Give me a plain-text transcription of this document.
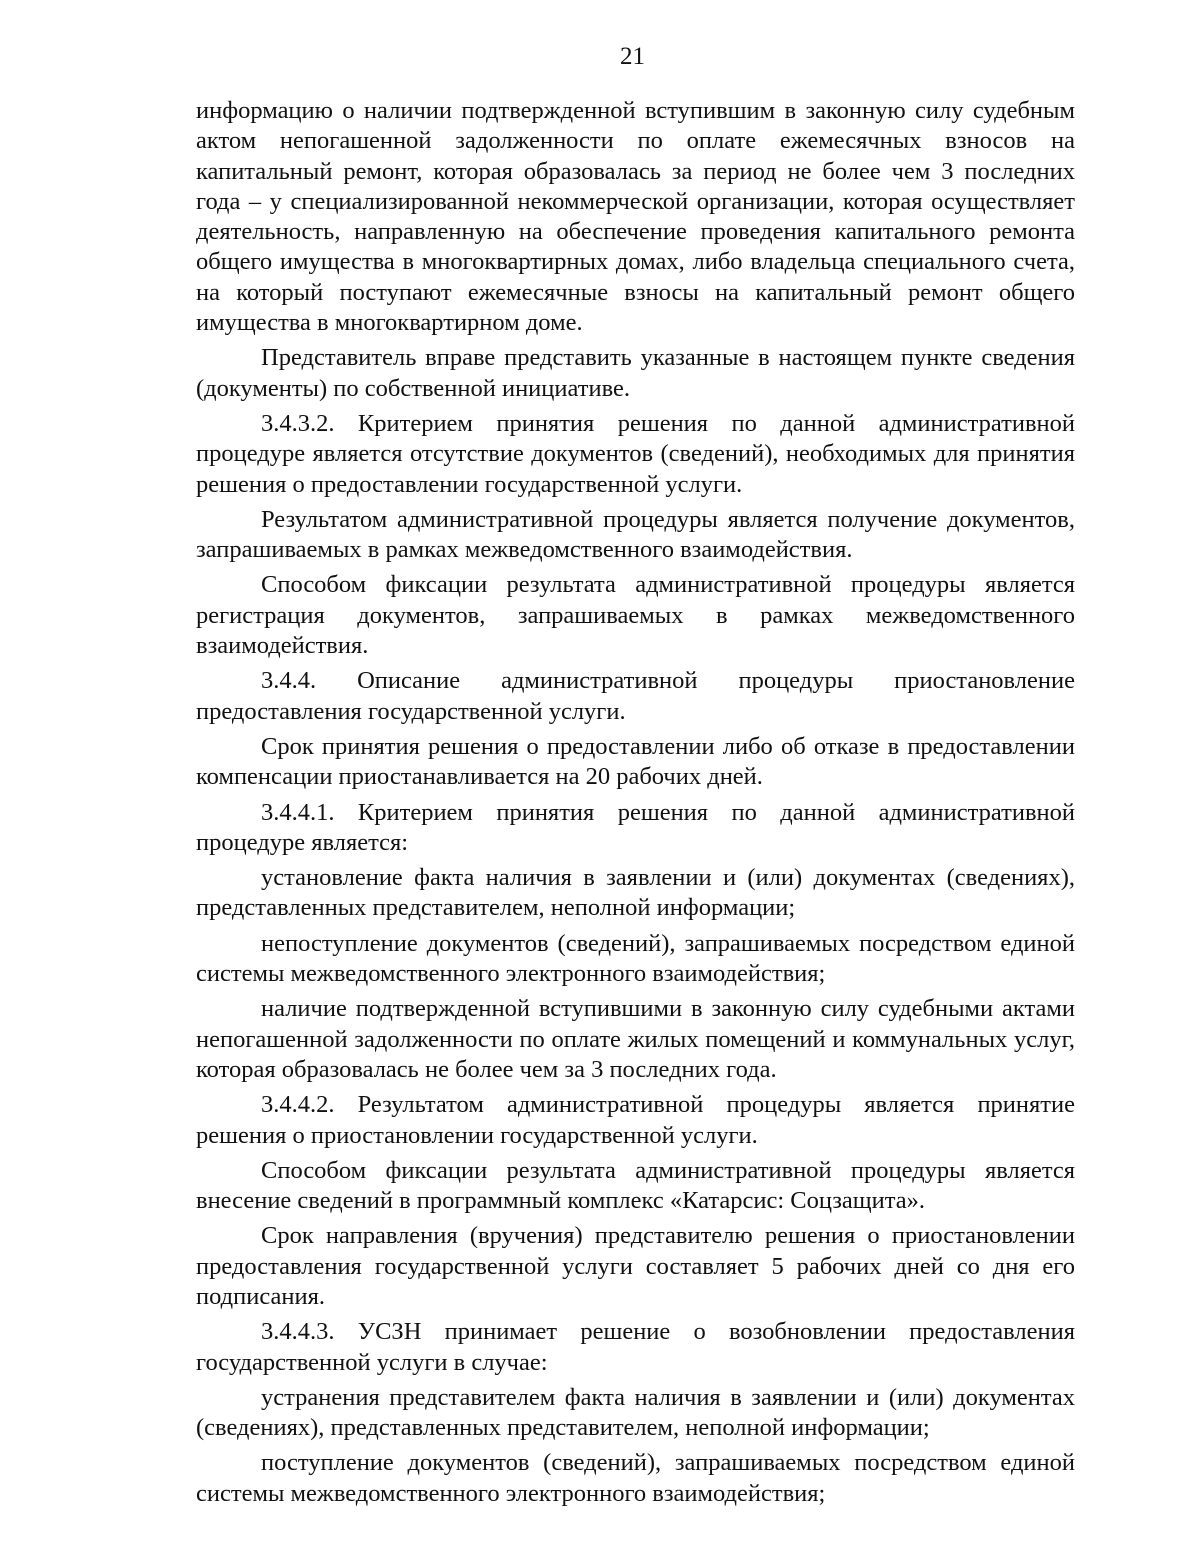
21

информацию о наличии подтвержденной вступившим в законную силу судебным актом непогашенной задолженности по оплате ежемесячных взносов на капитальный ремонт, которая образовалась за период не более чем 3 последних года – у специализированной некоммерческой организации, которая осуществляет деятельность, направленную на обеспечение проведения капитального ремонта общего имущества в многоквартирных домах, либо владельца специального счета, на который поступают ежемесячные взносы на капитальный ремонт общего имущества в многоквартирном доме.

Представитель вправе представить указанные в настоящем пункте сведения (документы) по собственной инициативе.

3.4.3.2. Критерием принятия решения по данной административной процедуре является отсутствие документов (сведений), необходимых для принятия решения о предоставлении государственной услуги.

Результатом административной процедуры является получение документов, запрашиваемых в рамках межведомственного взаимодействия.

Способом фиксации результата административной процедуры является регистрация документов, запрашиваемых в рамках межведомственного взаимодействия.

3.4.4. Описание административной процедуры приостановление предоставления государственной услуги.

Срок принятия решения о предоставлении либо об отказе в предоставлении компенсации приостанавливается на 20 рабочих дней.

3.4.4.1. Критерием принятия решения по данной административной процедуре является:

установление факта наличия в заявлении и (или) документах (сведениях), представленных представителем, неполной информации;

непоступление документов (сведений), запрашиваемых посредством единой системы межведомственного электронного взаимодействия;

наличие подтвержденной вступившими в законную силу судебными актами непогашенной задолженности по оплате жилых помещений и коммунальных услуг, которая образовалась не более чем за 3 последних года.

3.4.4.2. Результатом административной процедуры является принятие решения о приостановлении государственной услуги.

Способом фиксации результата административной процедуры является внесение сведений в программный комплекс «Катарсис: Соцзащита».

Срок направления (вручения) представителю решения о приостановлении предоставления государственной услуги составляет 5 рабочих дней со дня его подписания.

3.4.4.3. УСЗН принимает решение о возобновлении предоставления государственной услуги в случае:

устранения представителем факта наличия в заявлении и (или) документах (сведениях), представленных представителем, неполной информации;

поступление документов (сведений), запрашиваемых посредством единой системы межведомственного электронного взаимодействия;
